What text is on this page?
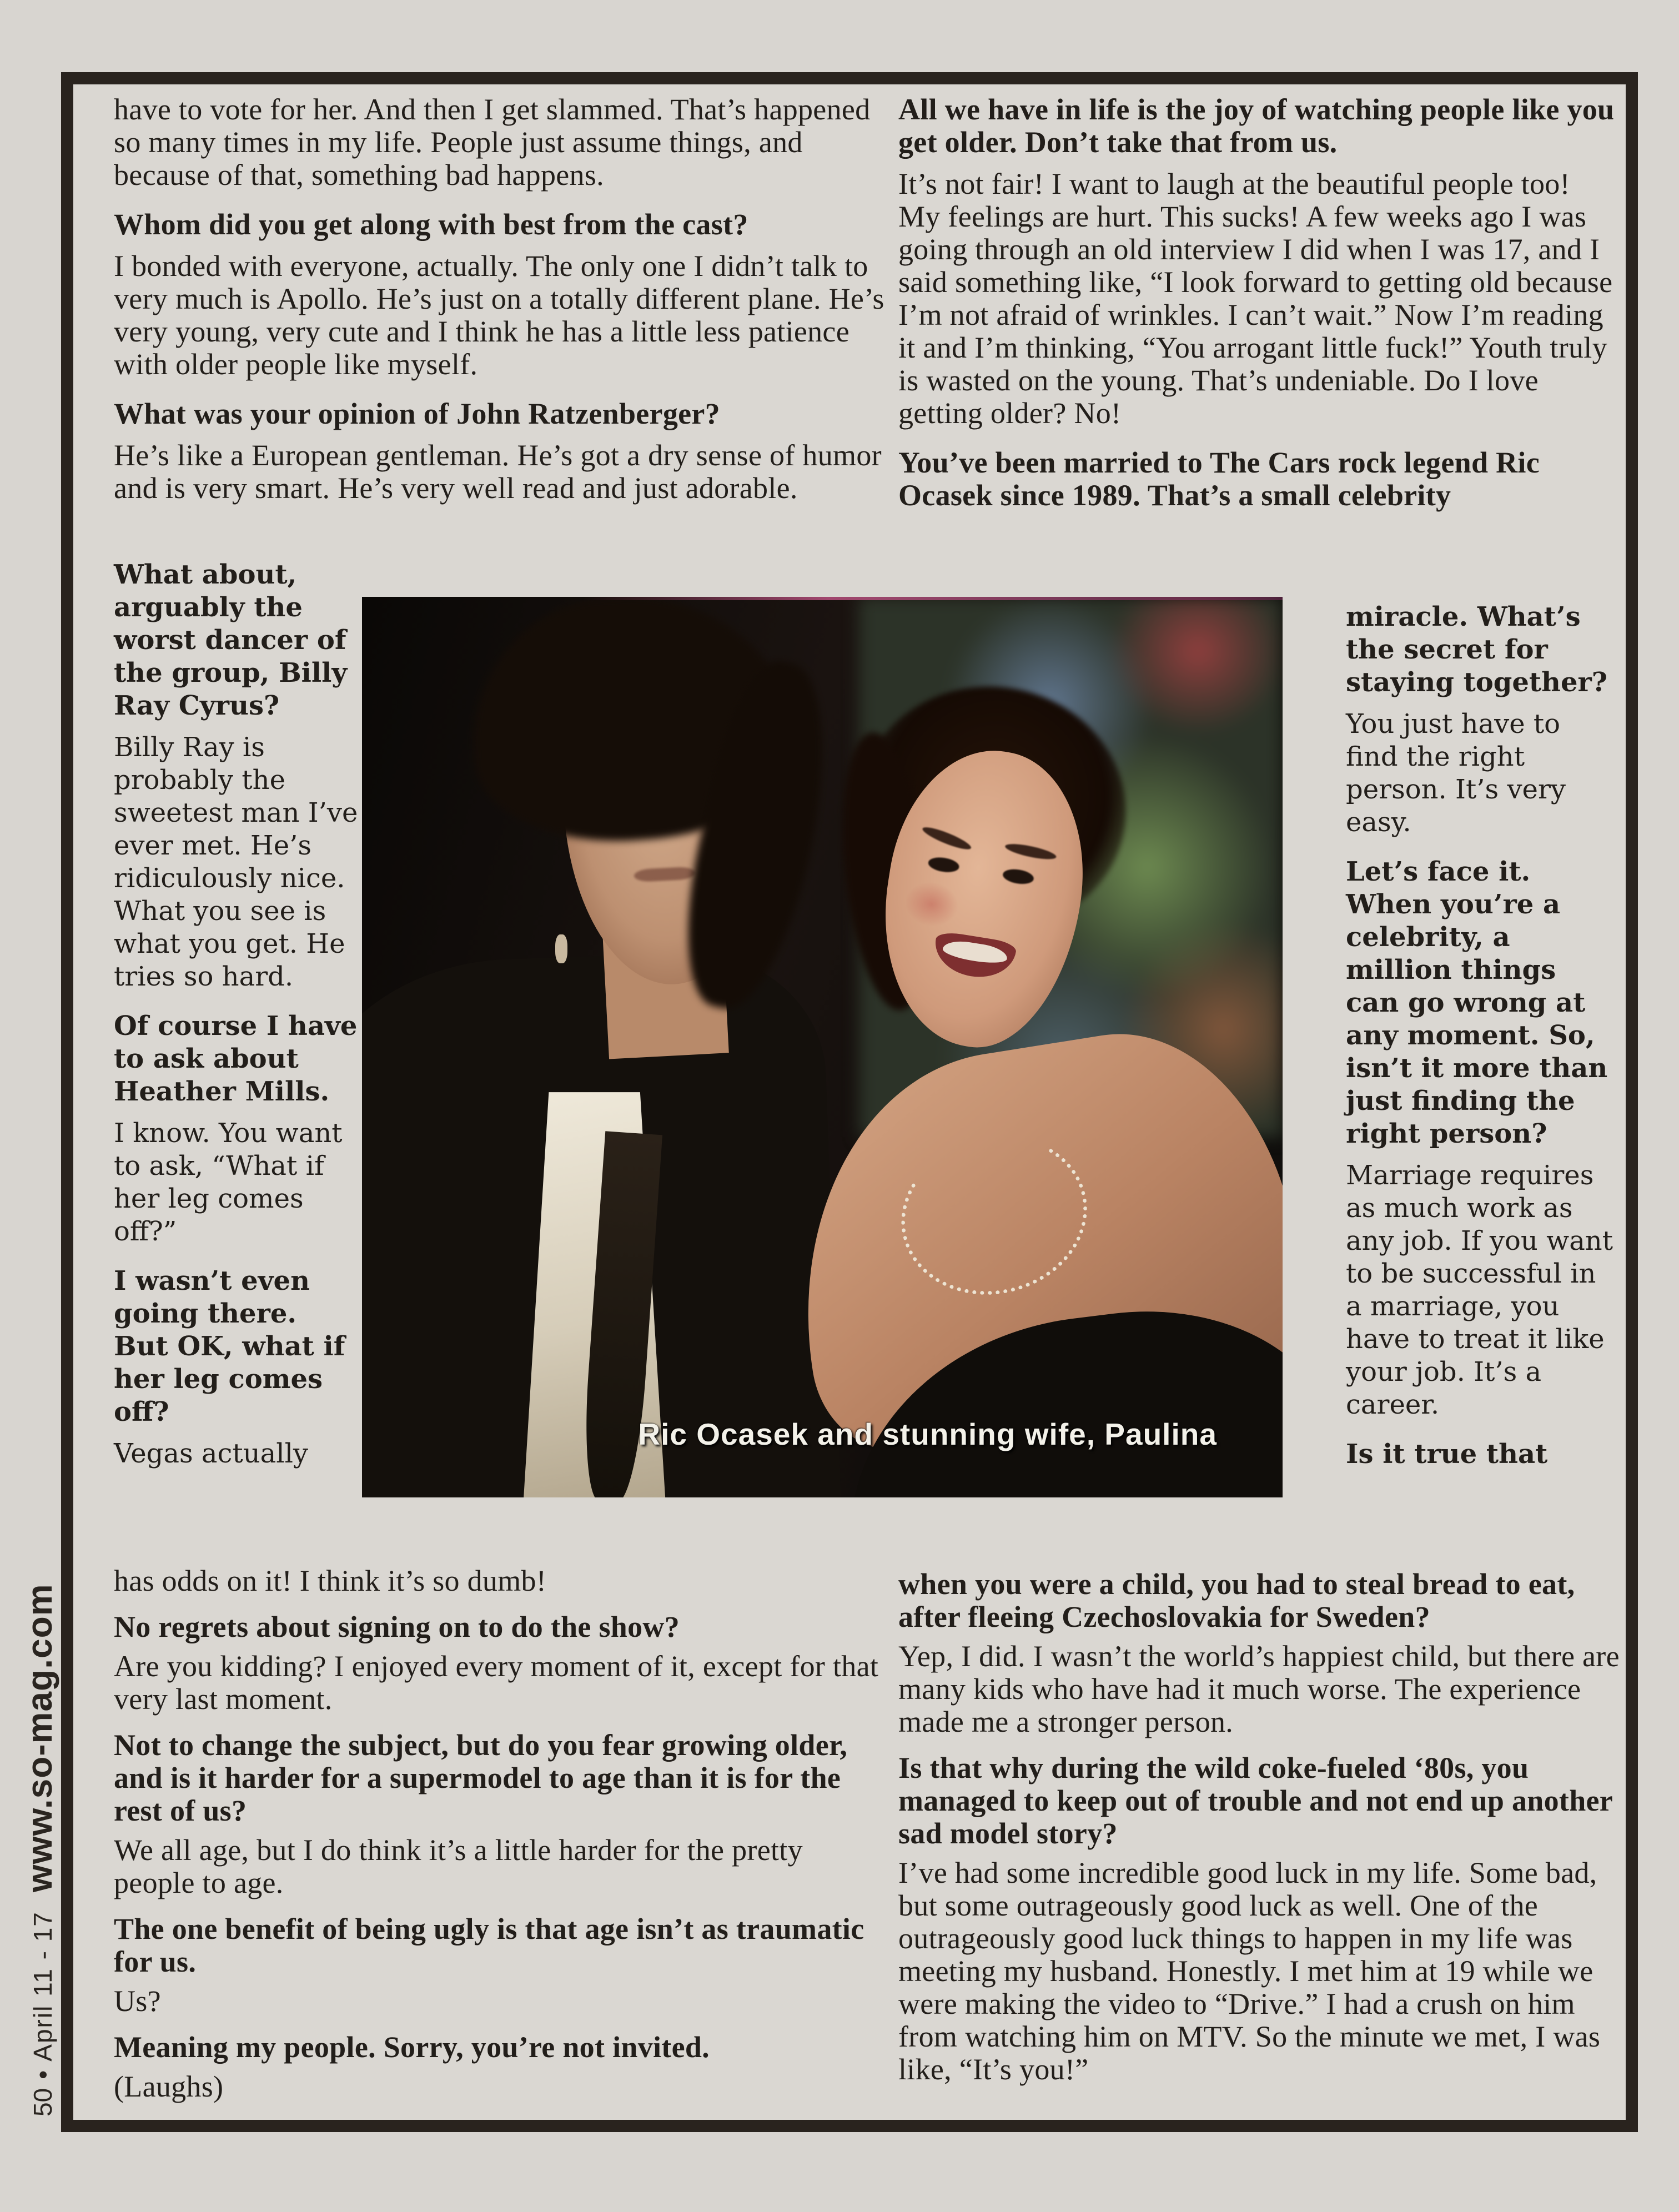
have to vote for her. And then I get slammed. That’s happened so many times in my life. People just assume things, and because of that, something bad happens.

Whom did you get along with best from the cast?

I bonded with everyone, actually. The only one I didn’t talk to very much is Apollo. He’s just on a totally different plane. He’s very young, very cute and I think he has a little less patience with older people like myself.

What was your opinion of John Ratzenberger?

He’s like a European gentleman. He’s got a dry sense of humor and is very smart. He’s very well read and just adorable.

What about, arguably the worst dancer of the group, Billy Ray Cyrus?

Billy Ray is probably the sweetest man I’ve ever met. He’s ridiculously nice. What you see is what you get. He tries so hard.

Of course I have to ask about Heather Mills.

I know. You want to ask, “What if her leg comes off?”

I wasn’t even going there. But OK, what if her leg comes off?

Vegas actually

has odds on it! I think it’s so dumb!

No regrets about signing on to do the show?

Are you kidding? I enjoyed every moment of it, except for that very last moment.

Not to change the subject, but do you fear growing older, and is it harder for a supermodel to age than it is for the rest of us?

We all age, but I do think it’s a little harder for the pretty people to age.

The one benefit of being ugly is that age isn’t as traumatic for us.

Us?

Meaning my people. Sorry, you’re not invited.

(Laughs)

All we have in life is the joy of watching people like you get older. Don’t take that from us.

It’s not fair! I want to laugh at the beautiful people too! My feelings are hurt. This sucks! A few weeks ago I was going through an old interview I did when I was 17, and I said something like, “I look forward to getting old because I’m not afraid of wrinkles. I can’t wait.” Now I’m reading it and I’m thinking, “You arrogant little fuck!” Youth truly is wasted on the young. That’s undeniable. Do I love getting older? No!

You’ve been married to The Cars rock legend Ric Ocasek since 1989. That’s a small celebrity

miracle. What’s the secret for staying together?

You just have to find the right person. It’s very easy.

Let’s face it. When you’re a celebrity, a million things can go wrong at any moment. So, isn’t it more than just finding the right person?

Marriage requires as much work as any job. If you want to be successful in a marriage, you have to treat it like your job. It’s a career.

Is it true that

when you were a child, you had to steal bread to eat, after fleeing Czechoslovakia for Sweden?

Yep, I did. I wasn’t the world’s happiest child, but there are many kids who have had it much worse. The experience made me a stronger person.

Is that why during the wild coke-fueled ‘80s, you managed to keep out of trouble and not end up another sad model story?

I’ve had some incredible good luck in my life. Some bad, but some outrageously good luck as well. One of the outrageously good luck things to happen in my life was meeting my husband. Honestly. I met him at 19 while we were making the video to “Drive.” I had a crush on him from watching him on MTV. So the minute we met, I was like, “It’s you!”

Ric Ocasek and stunning wife, Paulina
50•April 11 - 17www.so-mag.com
